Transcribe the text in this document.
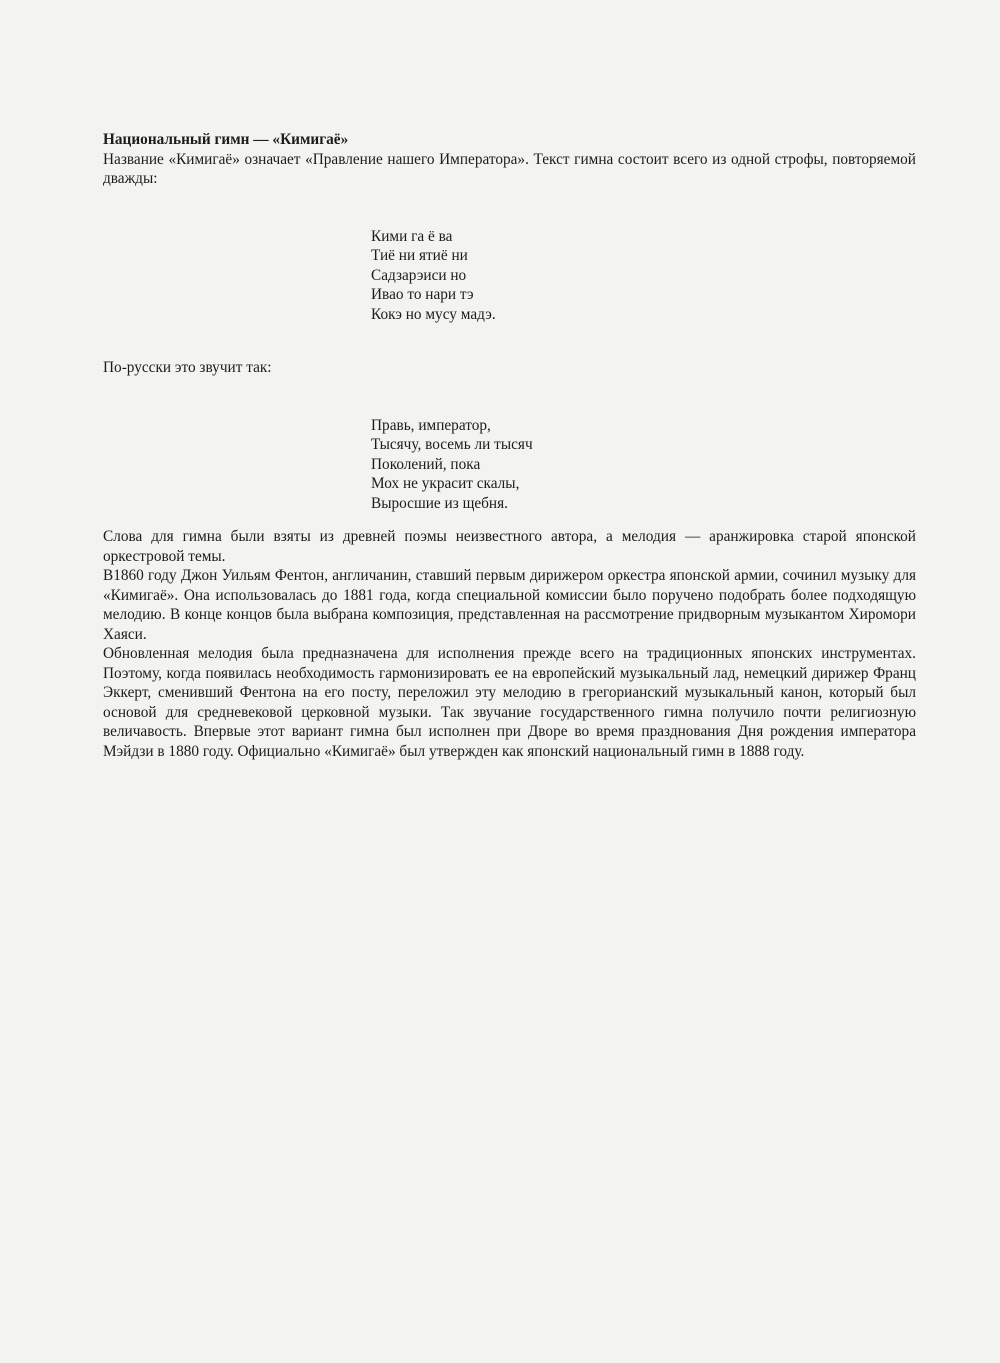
Национальный гимн — «Кимигаё»

Название «Кимигаё» означает «Правление нашего Императора». Текст гимна состоит всего из одной строфы, повторяемой дважды:

Кими га ё ва
Тиё ни ятиё ни
Садзарэиси но
Ивао то нари тэ
Кокэ но мусу мадэ.

По-русски это звучит так:

Правь, император,
Тысячу, восемь ли тысяч
Поколений, пока
Мох не украсит скалы,
Выросшие из щебня.

Слова для гимна были взяты из древней поэмы неизвестного автора, а мелодия — аранжировка старой японской оркестровой темы.

В1860 году Джон Уильям Фентон, англичанин, ставший первым дирижером оркестра японской армии, сочинил музыку для «Кимигаё». Она использовалась до 1881 года, когда специальной комиссии было поручено подобрать более подходящую мелодию. В конце концов была выбрана композиция, представленная на рассмотрение придворным музыкантом Хиромори Хаяси.

Обновленная мелодия была предназначена для исполнения прежде всего на традиционных японских инструментах. Поэтому, когда появилась необходимость гармонизировать ее на европейский музыкальный лад, немецкий дирижер Франц Эккерт, сменивший Фентона на его посту, переложил эту мелодию в грегорианский музыкальный канон, который был основой для средневековой церковной музыки. Так звучание государственного гимна получило почти религиозную величавость. Впервые этот вариант гимна был исполнен при Дворе во время празднования Дня рождения императора Мэйдзи в 1880 году. Официально «Кимигаё» был утвержден как японский национальный гимн в 1888 году.
